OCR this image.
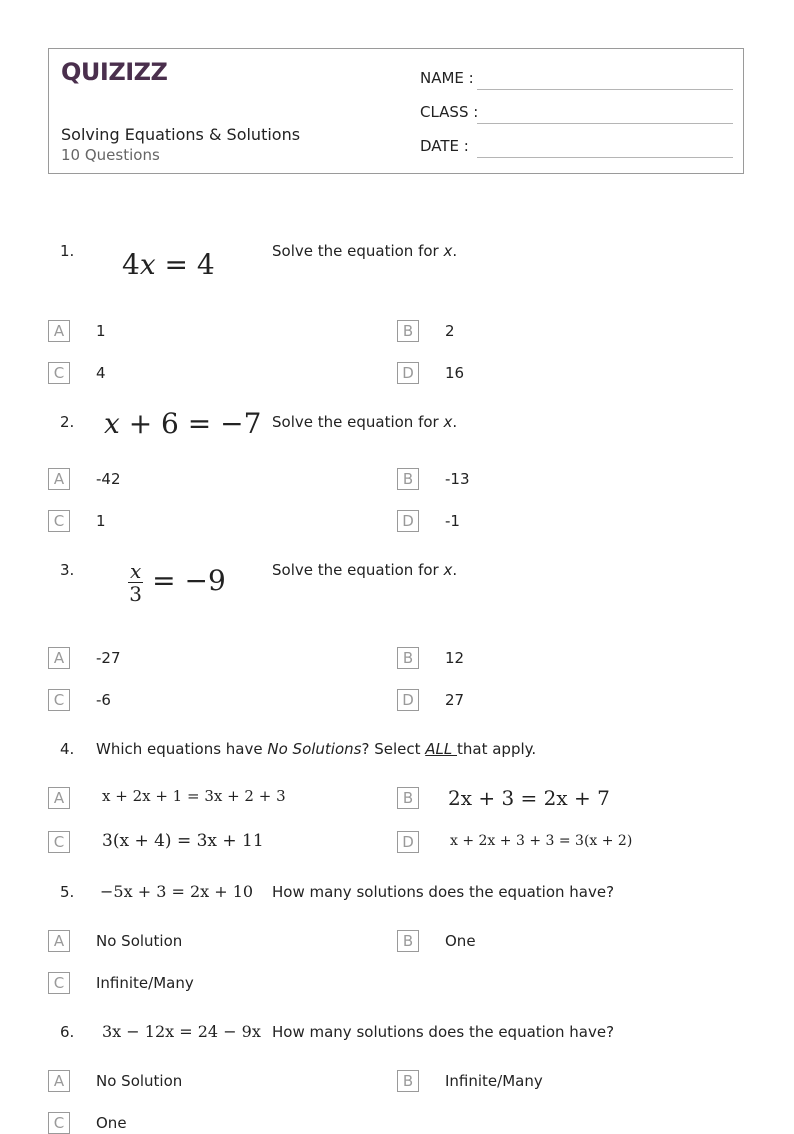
QUIZIZZ
Solving Equations & Solutions
10 Questions
NAME :
CLASS :
DATE :
1. 4x = 4	Solve the equation for x.
A	1	B	2
C	4	D	16
2. x + 6 = −7 Solve the equation for x.
A	-42	B	-13
C	1	D	-1
3.	$\frac{x}{3} = -9$	Solve the equation for x.
A	-27	B	12
C	-6	D	27
4. Which equations have No Solutions? Select ALL that apply.
A	x + 2x + 1 = 3x + 2 + 3	B 2x + 3 = 2x + 7
C	3(x + 4) = 3x + 11	D	x + 2x + 3 + 3 = 3(x + 2)
5. −5x + 3 = 2x + 10 How many solutions does the equation have?
A	No Solution	B	One
C	Infinite/Many
6. 3x − 12x = 24 − 9x How many solutions does the equation have?
A	No Solution	B	Infinite/Many
C	One
